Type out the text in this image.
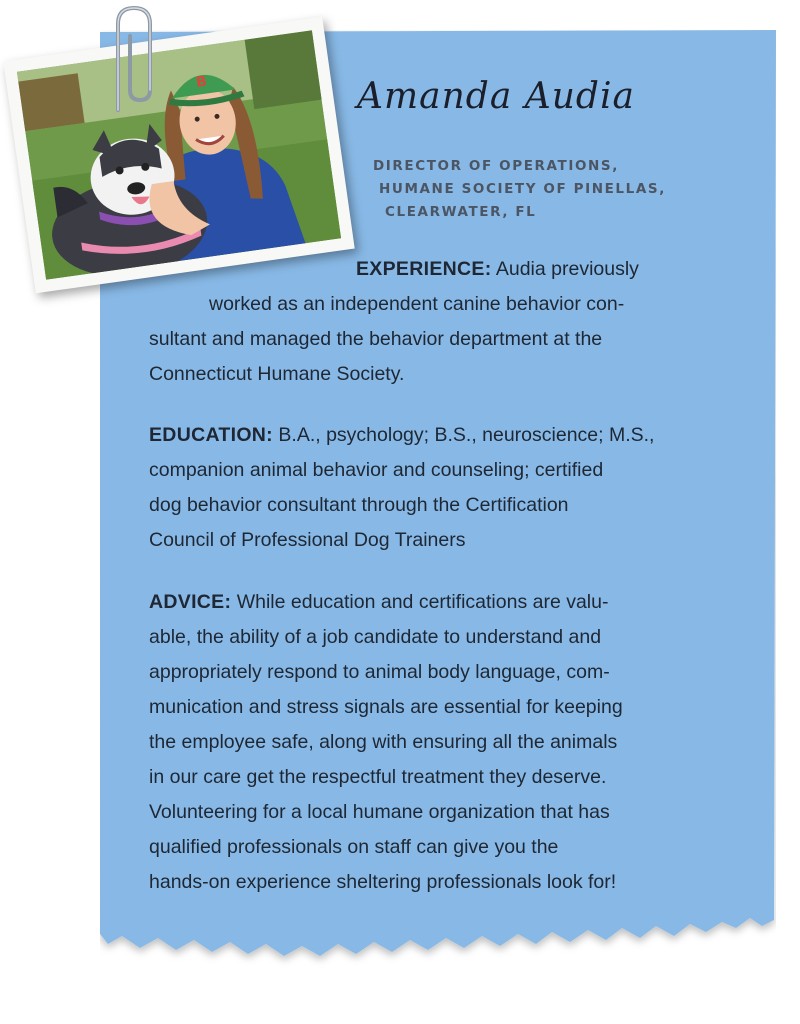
Amanda Audia
DIRECTOR OF OPERATIONS,
HUMANE SOCIETY OF PINELLAS,
CLEARWATER, FL
EXPERIENCE: Audia previously
worked as an independent canine behavior con-
sultant and managed the behavior department at the
Connecticut Humane Society.
EDUCATION: B.A., psychology; B.S., neuroscience; M.S.,
companion animal behavior and counseling; certified
dog behavior consultant through the Certification
Council of Professional Dog Trainers
ADVICE: While education and certifications are valu-
able, the ability of a job candidate to understand and
appropriately respond to animal body language, com-
munication and stress signals are essential for keeping
the employee safe, along with ensuring all the animals
in our care get the respectful treatment they deserve.
Volunteering for a local humane organization that has
qualified professionals on staff can give you the
hands-on experience sheltering professionals look for!
B
